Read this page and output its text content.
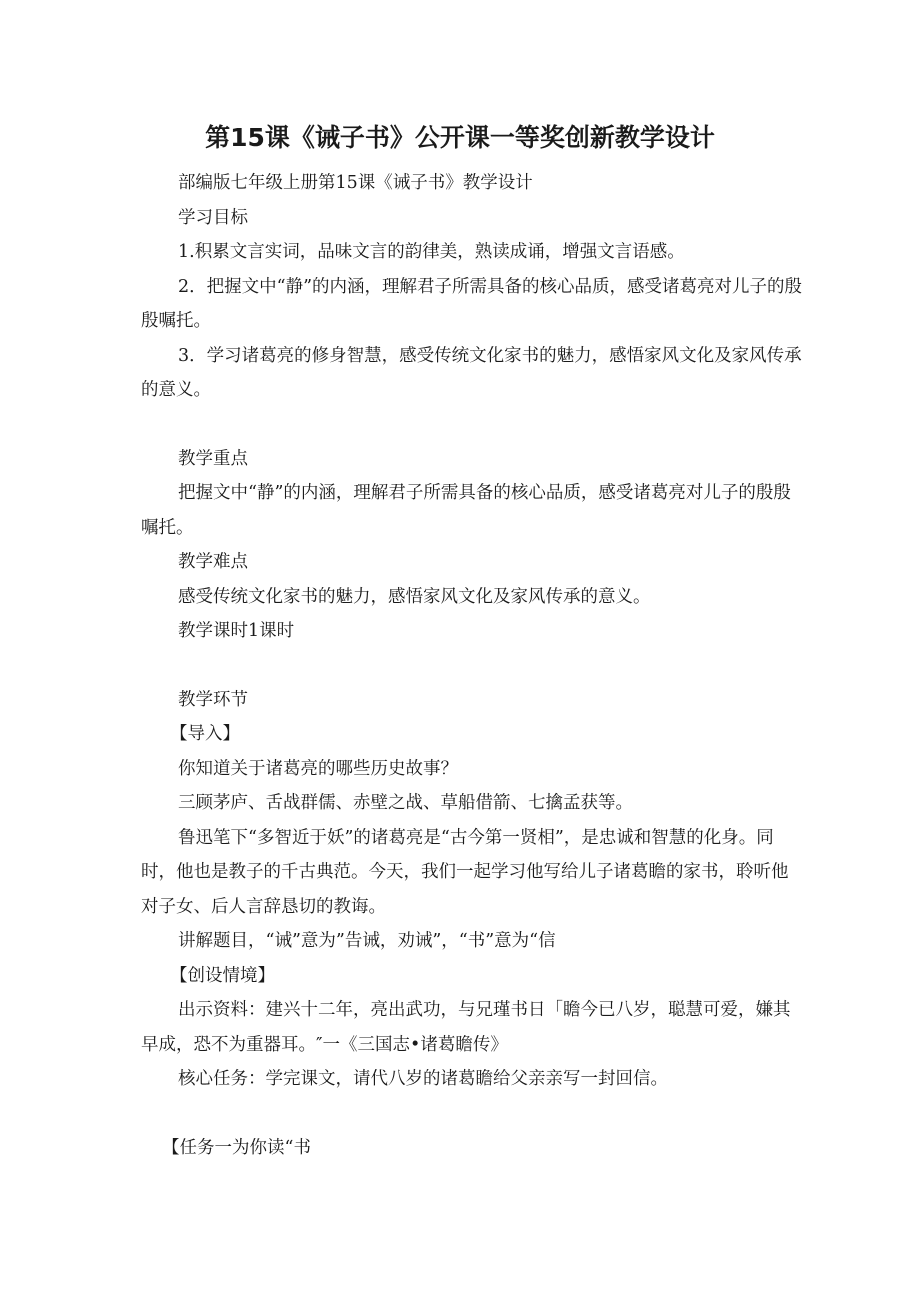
第15课《诫子书》公开课一等奖创新教学设计

部编版七年级上册第15课《诫子书》教学设计

学习目标

1.积累文言实词，品味文言的韵律美，熟读成诵，增强文言语感。

2．把握文中“静”的内涵，理解君子所需具备的核心品质，感受诸葛亮对儿子的殷殷嘱托。

3．学习诸葛亮的修身智慧，感受传统文化家书的魅力，感悟家风文化及家风传承的意义。

教学重点

把握文中“静”的内涵，理解君子所需具备的核心品质，感受诸葛亮对儿子的殷殷嘱托。

教学难点

感受传统文化家书的魅力，感悟家风文化及家风传承的意义。

教学课时1课时

教学环节

【导入】

你知道关于诸葛亮的哪些历史故事？

三顾茅庐、舌战群儒、赤壁之战、草船借箭、七擒孟获等。

鲁迅笔下“多智近于妖”的诸葛亮是“古今第一贤相”，是忠诚和智慧的化身。同时，他也是教子的千古典范。今天，我们一起学习他写给儿子诸葛瞻的家书，聆听他对子女、后人言辞恳切的教诲。

讲解题目，“诫”意为”告诫，劝诫”，“书”意为“信

【创设情境】

出示资料：建兴十二年，亮出武功，与兄瑾书日「瞻今已八岁，聪慧可爱，嫌其早成，恐不为重器耳。″一《三国志•诸葛瞻传》

核心任务：学完课文，请代八岁的诸葛瞻给父亲亲写一封回信。

【任务一为你读“书
